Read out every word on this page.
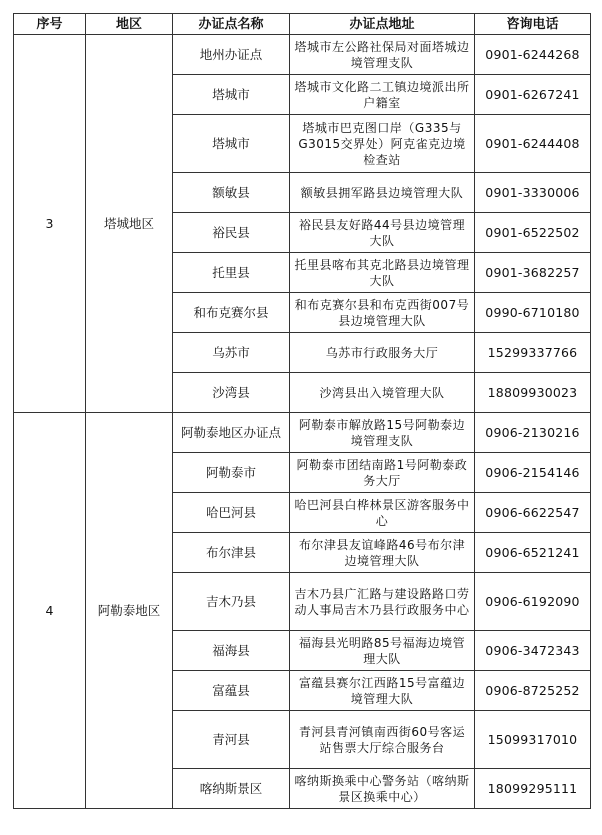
序号	地区	办证点名称	办证点地址	咨询电话
3	塔城地区	地州办证点	塔城市左公路社保局对面塔城边境管理支队	0901-6244268
		塔城市	塔城市文化路二工镇边境派出所户籍室	0901-6267241
		塔城市	塔城市巴克图口岸（G335与G3015交界处）阿克雀克边境检查站	0901-6244408
		额敏县	额敏县拥军路县边境管理大队	0901-3330006
		裕民县	裕民县友好路44号县边境管理大队	0901-6522502
		托里县	托里县喀布其克北路县边境管理大队	0901-3682257
		和布克赛尔县	和布克赛尔县和布克西街007号县边境管理大队	0990-6710180
		乌苏市	乌苏市行政服务大厅	15299337766
		沙湾县	沙湾县出入境管理大队	18809930023
4	阿勒泰地区	阿勒泰地区办证点	阿勒泰市解放路15号阿勒泰边境管理支队	0906-2130216
		阿勒泰市	阿勒泰市团结南路1号阿勒泰政务大厅	0906-2154146
		哈巴河县	哈巴河县白桦林景区游客服务中心	0906-6622547
		布尔津县	布尔津县友谊峰路46号布尔津边境管理大队	0906-6521241
		吉木乃县	吉木乃县广汇路与建设路路口劳动人事局吉木乃县行政服务中心	0906-6192090
		福海县	福海县光明路85号福海边境管理大队	0906-3472343
		富蕴县	富蕴县赛尔江西路15号富蕴边境管理大队	0906-8725252
		青河县	青河县青河镇南西街60号客运站售票大厅综合服务台	15099317010
		喀纳斯景区	喀纳斯换乘中心警务站（喀纳斯景区换乘中心）	18099295111
